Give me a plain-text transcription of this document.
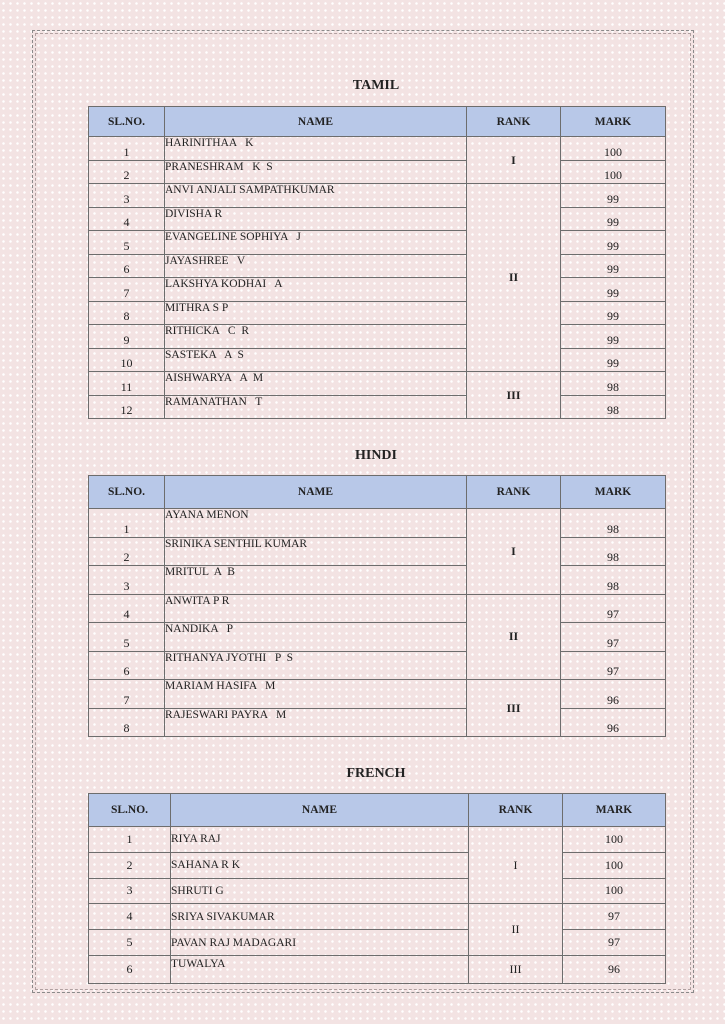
TAMIL
SL.NO.	NAME	RANK	MARK
1	HARINITHAA   K	I	100
2	PRANESHRAM   K  S		100
3	ANVI ANJALI SAMPATHKUMAR	II	99
4	DIVISHA R		99
5	EVANGELINE SOPHIYA   J		99
6	JAYASHREE   V		99
7	LAKSHYA KODHAI   A		99
8	MITHRA S P		99
9	RITHICKA   C  R		99
10	SASTEKA   A  S		99
11	AISHWARYA   A  M	III	98
12	RAMANATHAN   T		98
HINDI
SL.NO.	NAME	RANK	MARK
1	AYANA MENON	I	98
2	SRINIKA SENTHIL KUMAR		98
3	MRITUL  A  B		98
4	ANWITA P R	II	97
5	NANDIKA   P		97
6	RITHANYA JYOTHI   P  S		97
7	MARIAM HASIFA   M	III	96
8	RAJESWARI PAYRA   M		96
FRENCH
SL.NO.	NAME	RANK	MARK
1	RIYA RAJ	I	100
2	SAHANA R K		100
3	SHRUTI G		100
4	SRIYA SIVAKUMAR	II	97
5	PAVAN RAJ MADAGARI		97
6	TUWALYA	III	96
